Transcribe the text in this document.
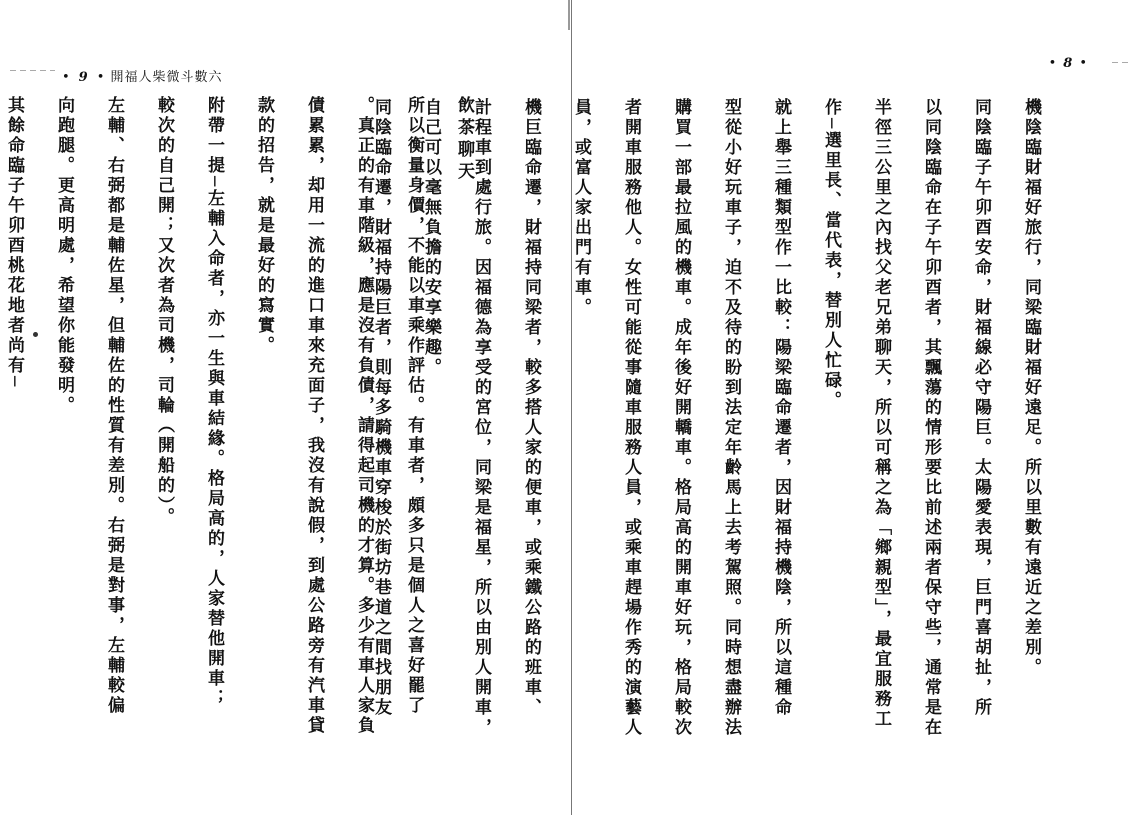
• 9 • 開福人柴微斗數六

飲茶聊天

所以衡量身價，不能以車乘作評估。有車者，頗多只是個人之喜好罷了

。真正的有車階級，應是沒有負債，請得起司機的才算。多少有車人家負

債累累，却用一流的進口車來充面子，我沒有說假，到處公路旁有汽車貸

款的招告，就是最好的寫實。

附帶一提─左輔入命者，亦一生與車結緣。格局高的，人家替他開車；

較次的自己開；又次者為司機，司輪（開船的）。

左輔、右弼都是輔佐星，但輔佐的性質有差別。右弼是對事，左輔較偏

向跑腿。更高明處，希望你能發明。

其餘命臨子午卯酉桃花地者尚有─

• 8 •

機陰臨財福好旅行，同梁臨財福好遠足。所以里數有遠近之差別。

同陰臨子午卯酉安命，財福線必守陽巨。太陽愛表現，巨門喜胡扯，所

以同陰臨命在子午卯酉者，其飄蕩的情形要比前述兩者保守些，通常是在

半徑三公里之內找父老兄弟聊天，所以可稱之為「鄉親型」，最宜服務工

作─選里長、當代表，替別人忙碌。

就上舉三種類型作一比較：陽梁臨命遷者，因財福持機陰，所以這種命

型從小好玩車子，迫不及待的盼到法定年齡馬上去考駕照。同時想盡辦法

購買一部最拉風的機車。成年後好開轎車。格局高的開車好玩，格局較次

者開車服務他人。女性可能從事隨車服務人員，或乘車趕場作秀的演藝人

員，或富人家出門有車。

機巨臨命遷，財福持同梁者，較多搭人家的便車，或乘鐵公路的班車、

計程車到處行旅。因福德為享受的宮位，同梁是福星，所以由別人開車，

自己可以毫無負擔的安享樂趣。

同陰臨命遷，財福持陽巨者，則每多騎機車穿梭於街坊巷道之間找朋友
